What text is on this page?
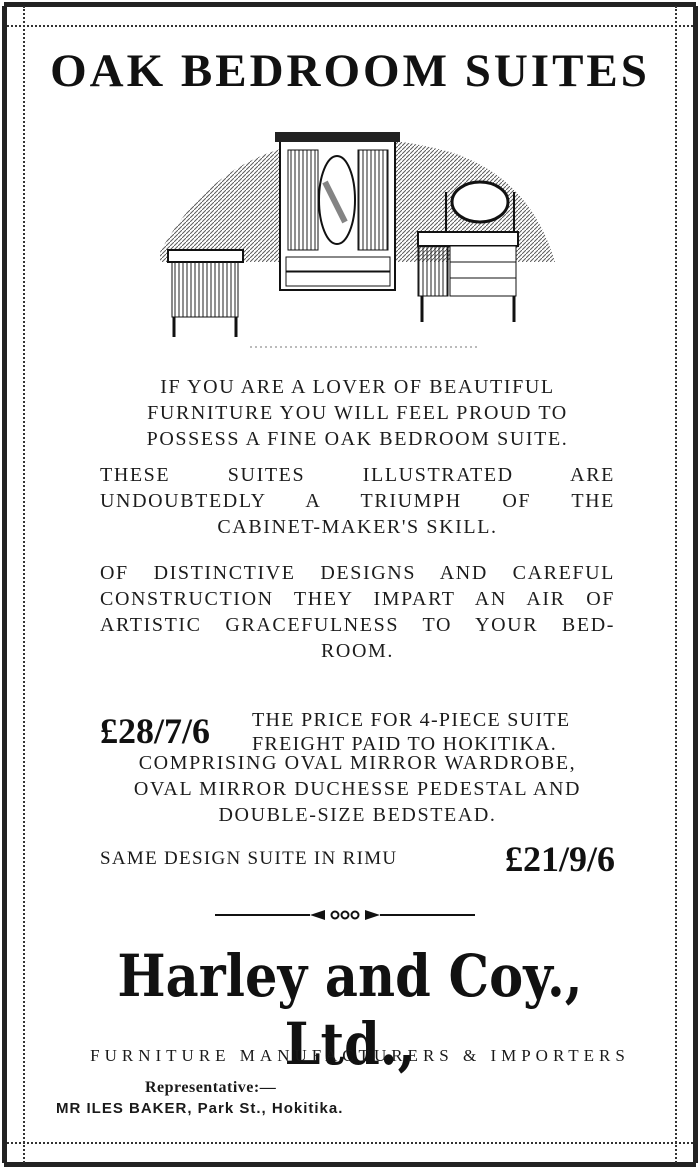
OAK BEDROOM SUITES
IF YOU ARE A LOVER OF BEAUTIFUL
FURNITURE YOU WILL FEEL PROUD TO
POSSESS A FINE OAK BEDROOM SUITE.
THESE SUITES ILLUSTRATED ARE
UNDOUBTEDLY A TRIUMPH OF THE
CABINET-MAKER'S SKILL.
OF DISTINCTIVE DESIGNS AND CAREFUL
CONSTRUCTION THEY IMPART AN AIR OF
ARTISTIC GRACEFULNESS TO YOUR BED-
ROOM.
£28/7/6 THE PRICE FOR 4-PIECE SUITE
FREIGHT PAID TO HOKITIKA.
COMPRISING OVAL MIRROR WARDROBE,
OVAL MIRROR DUCHESSE PEDESTAL AND
DOUBLE-SIZE BEDSTEAD.
SAME DESIGN SUITE IN RIMU	£21/9/6
Harley and Coy., Ltd.,
FURNITURE MANUFACTURERS & IMPORTERS
Representative:—
MR ILES BAKER, Park St., Hokitika.
